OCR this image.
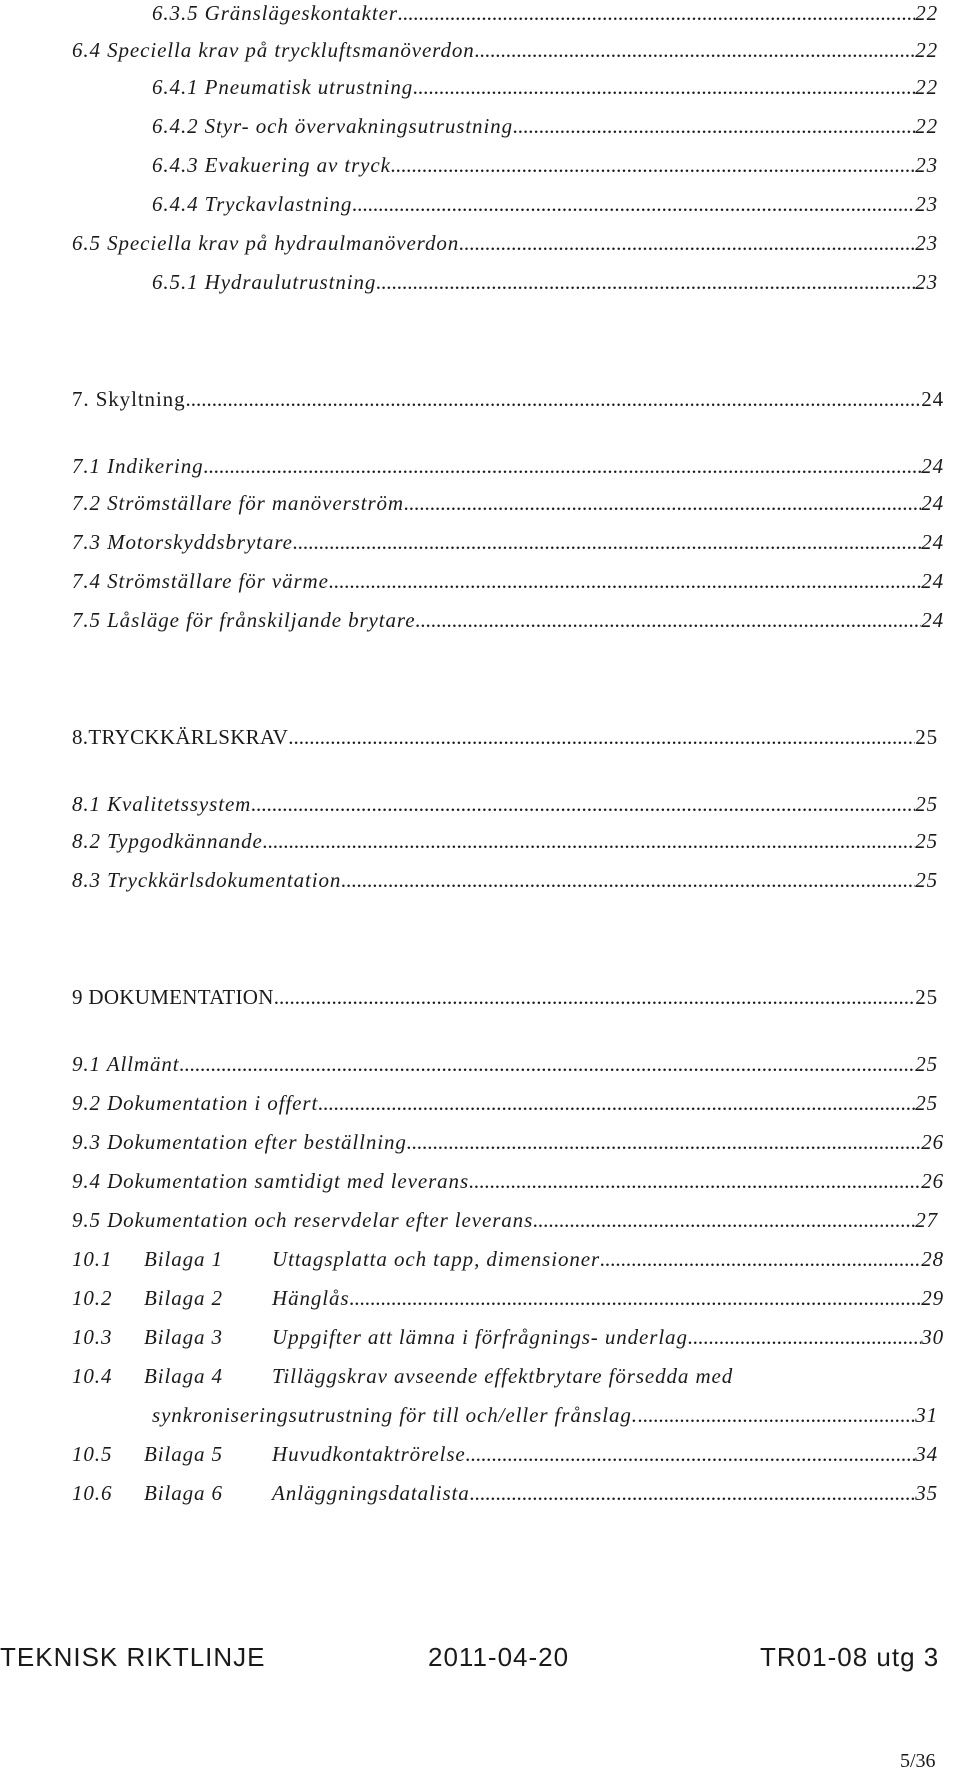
6.3.5 Gränslägeskontakter .....	22
6.4 Speciella krav på tryckluftsmanöverdon .....	22
6.4.1 Pneumatisk utrustning .....	22
6.4.2 Styr- och övervakningsutrustning .....	22
6.4.3 Evakuering av tryck .....	23
6.4.4 Tryckavlastning .....	23
6.5 Speciella krav på hydraulmanöverdon .....	23
6.5.1 Hydraulutrustning .....	23
7. Skyltning .....	24
7.1 Indikering .....	24
7.2 Strömställare för manöverström .....	24
7.3 Motorskyddsbrytare .....	24
7.4 Strömställare för värme .....	24
7.5 Låsläge för frånskiljande brytare .....	24
8.TRYCKKÄRLSKRAV .....	25
8.1 Kvalitetssystem .....	25
8.2 Typgodkännande .....	25
8.3 Tryckkärlsdokumentation .....	25
9 DOKUMENTATION .....	25
9.1 Allmänt .....	25
9.2 Dokumentation i offert .....	25
9.3 Dokumentation efter beställning .....	26
9.4 Dokumentation samtidigt med leverans .....	26
9.5 Dokumentation och reservdelar efter leverans .....	27
10.1 Bilaga 1 Uttagsplatta och tapp, dimensioner .....	28
10.2 Bilaga 2 Hänglås .....	29
10.3 Bilaga 3 Uppgifter att lämna i förfrågnings- underlag .....	30
10.4 Bilaga 4 Tilläggskrav avseende effektbrytare försedda med
synkroniseringsutrustning för till och/eller frånslag. .....	31
10.5 Bilaga 5 Huvudkontaktrörelse .....	34
10.6 Bilaga 6 Anläggningsdatalista .....	35
TEKNISK RIKTLINJE	2011-04-20	TR01-08 utg 3
5/36
